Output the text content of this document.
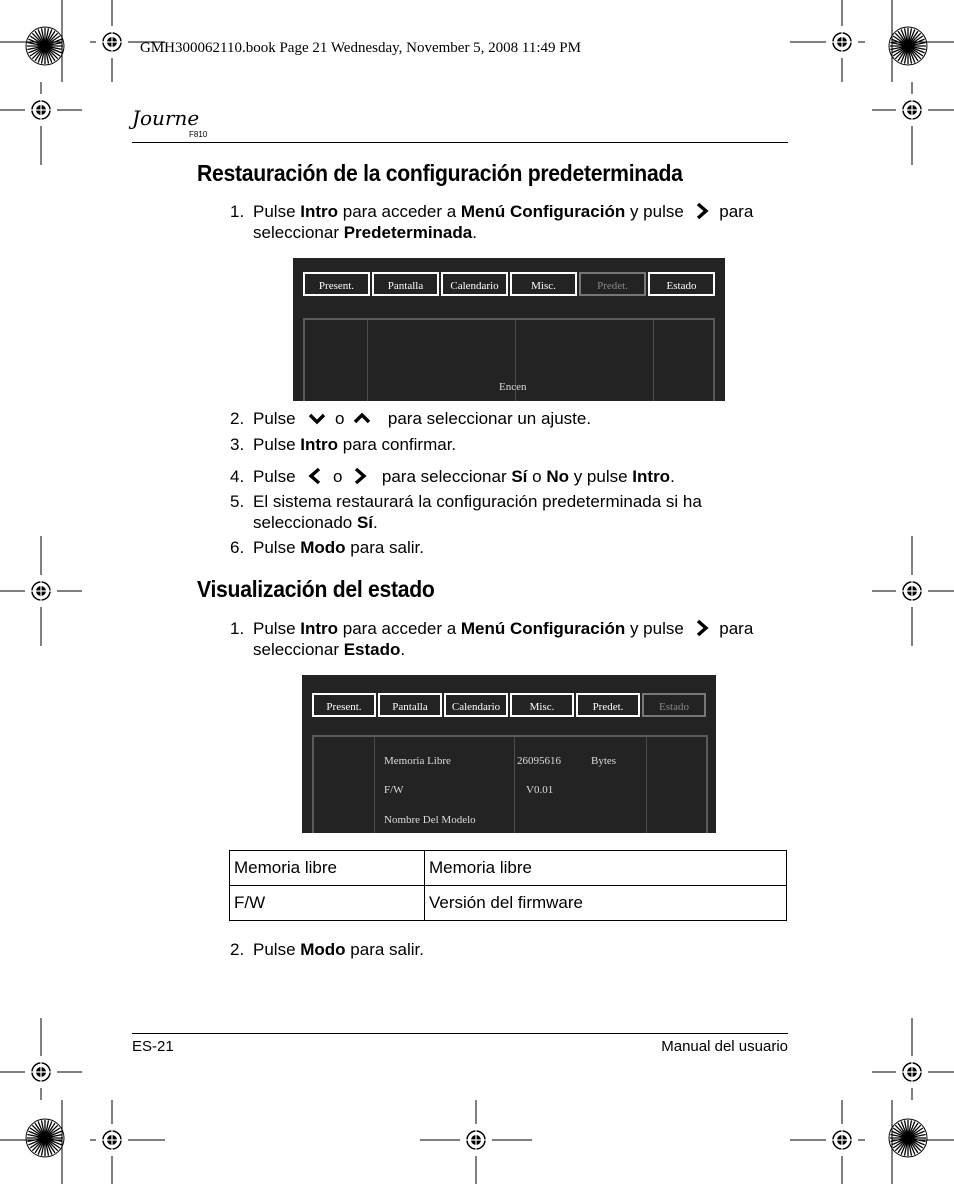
GMH300062110.book Page 21 Wednesday, November 5, 2008 11:49 PM
Journe
F810
Restauración de la configuración predeterminada
1. Pulse Intro para acceder a Menú Configuración y pulse
para seleccionar Predeterminada.
Present.	Pantalla	Calendario	Misc.	Predet.	Estado
Encen
2. Pulse
o
para seleccionar un ajuste.
3. Pulse Intro para confirmar.
4. Pulse
o
para seleccionar Sí o No y pulse Intro.
5. El sistema restaurará la configuración predeterminada si ha seleccionado Sí.
6. Pulse Modo para salir.
Visualización del estado
1. Pulse Intro para acceder a Menú Configuración y pulse
para seleccionar Estado.
Present.	Pantalla	Calendario	Misc.	Predet.	Estado
Memoria Libre	26095616	Bytes
F/W	V0.01
Nombre Del Modelo
Memoria libre	Memoria libre
F/W	Versión del firmware
2. Pulse Modo para salir.
ES-21	Manual del usuario
